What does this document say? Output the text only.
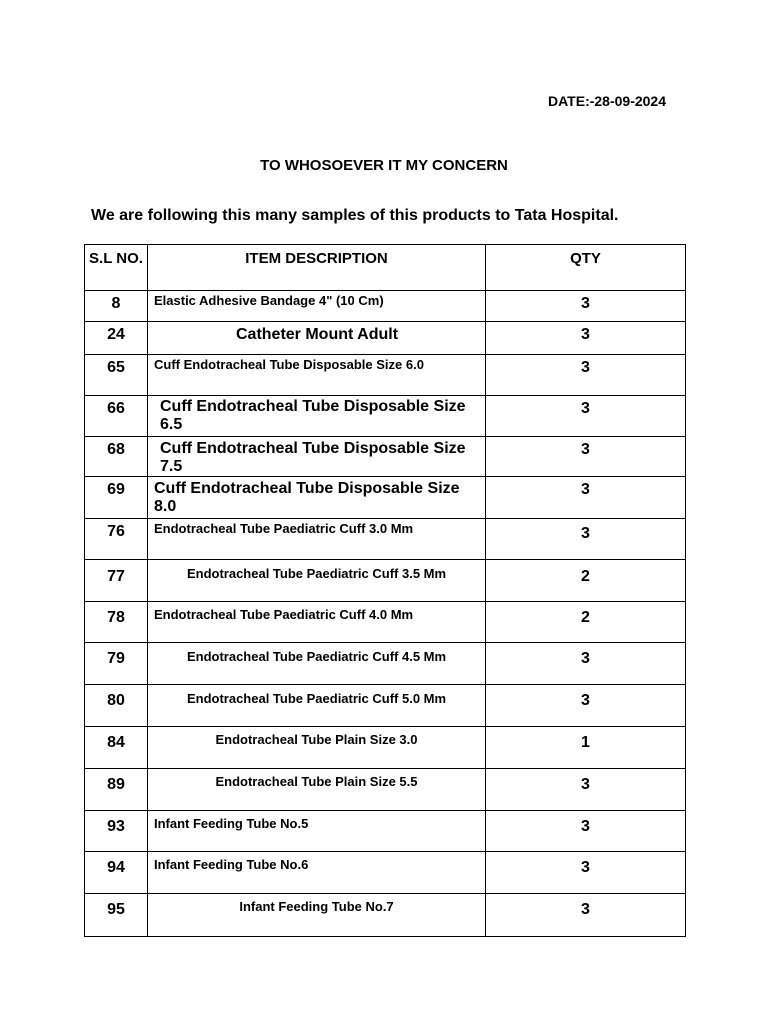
DATE:-28-09-2024
TO WHOSOEVER IT MY CONCERN
We are following this many samples of this products to Tata Hospital.
S.L NO.	ITEM DESCRIPTION	QTY
8	Elastic Adhesive Bandage 4" (10 Cm)	3
24	Catheter Mount Adult	3
65	Cuff Endotracheal Tube Disposable Size 6.0	3
66	Cuff Endotracheal Tube Disposable Size 6.5	3
68	Cuff Endotracheal Tube Disposable Size 7.5	3
69	Cuff Endotracheal Tube Disposable Size 8.0	3
76	Endotracheal Tube Paediatric Cuff 3.0 Mm	3
77	Endotracheal Tube Paediatric Cuff 3.5 Mm	2
78	Endotracheal Tube Paediatric Cuff 4.0 Mm	2
79	Endotracheal Tube Paediatric Cuff 4.5 Mm	3
80	Endotracheal Tube Paediatric Cuff 5.0 Mm	3
84	Endotracheal Tube Plain Size 3.0	1
89	Endotracheal Tube Plain Size 5.5	3
93	Infant Feeding Tube No.5	3
94	Infant Feeding Tube No.6	3
95	Infant Feeding Tube No.7	3
